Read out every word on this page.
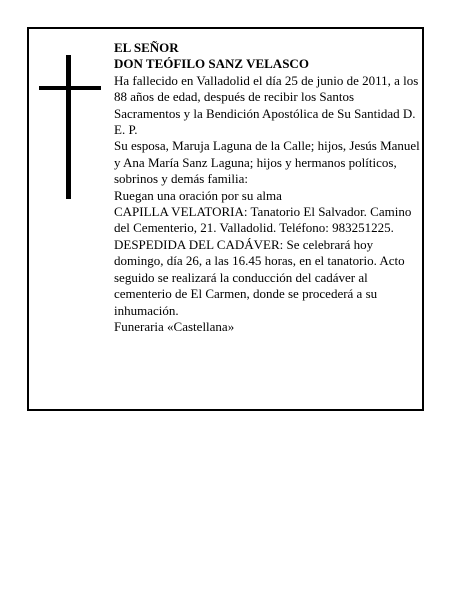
EL SEÑOR

DON TEÓFILO SANZ VELASCO

Ha fallecido en Valladolid el día 25 de junio de 2011, a los 88 años de edad, después de recibir los Santos Sacramentos y la Bendición Apostólica de Su Santidad D. E. P.

Su esposa, Maruja Laguna de la Calle; hijos, Jesús Manuel y Ana María Sanz Laguna; hijos y hermanos políticos, sobrinos y demás familia:

Ruegan una oración por su alma

CAPILLA VELATORIA: Tanatorio El Salvador. Camino del Cementerio, 21. Valladolid. Teléfono: 983251225.

DESPEDIDA DEL CADÁVER: Se celebrará hoy domingo, día 26, a las 16.45 horas, en el tanatorio. Acto seguido se realizará la conducción del cadáver al cementerio de El Carmen, donde se procederá a su inhumación.

Funeraria «Castellana»
